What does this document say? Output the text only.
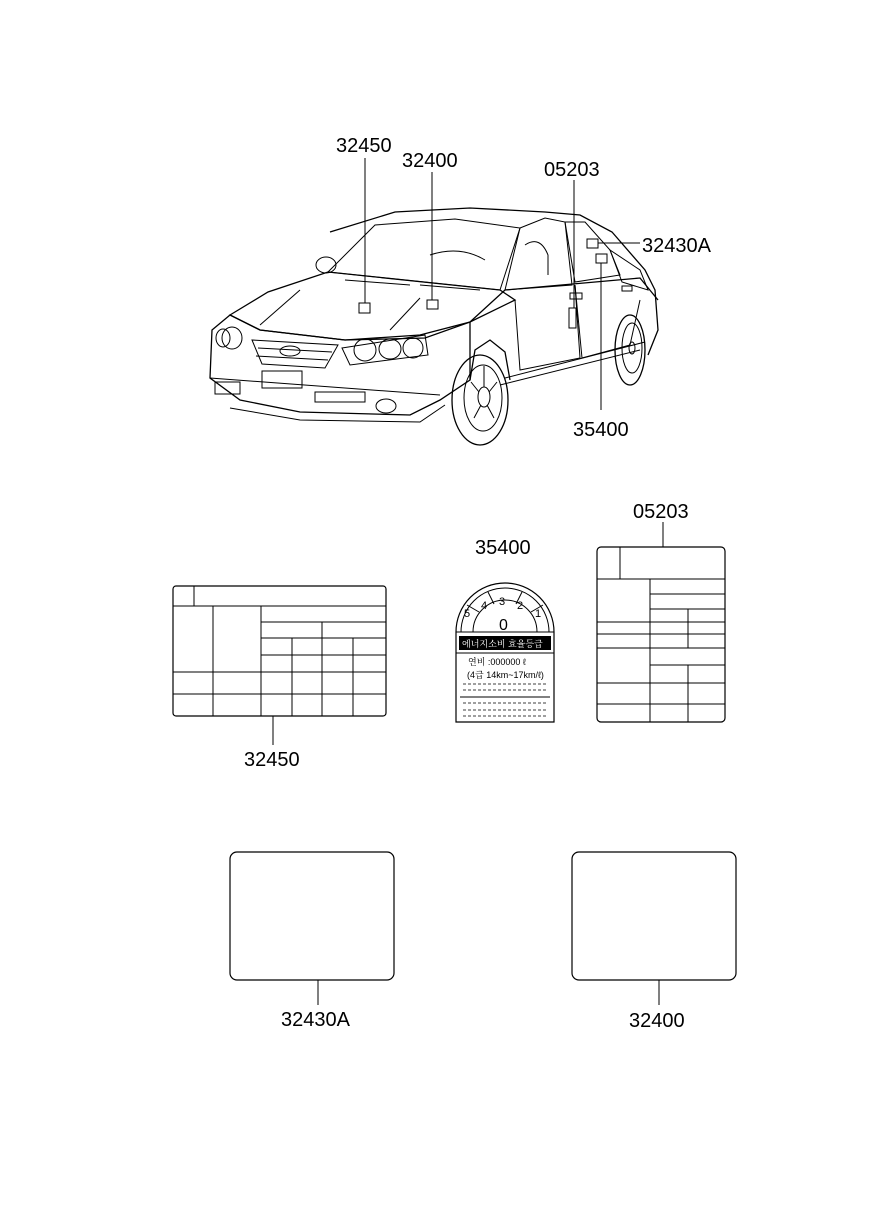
32450
32400	05203
32430A
35400
32450
5
4 3 2
1
0
에너지소비 효율등급
연비 :000000 ℓ
(4급 14km~17km/ℓ)
35400
05203
32430A	32400
